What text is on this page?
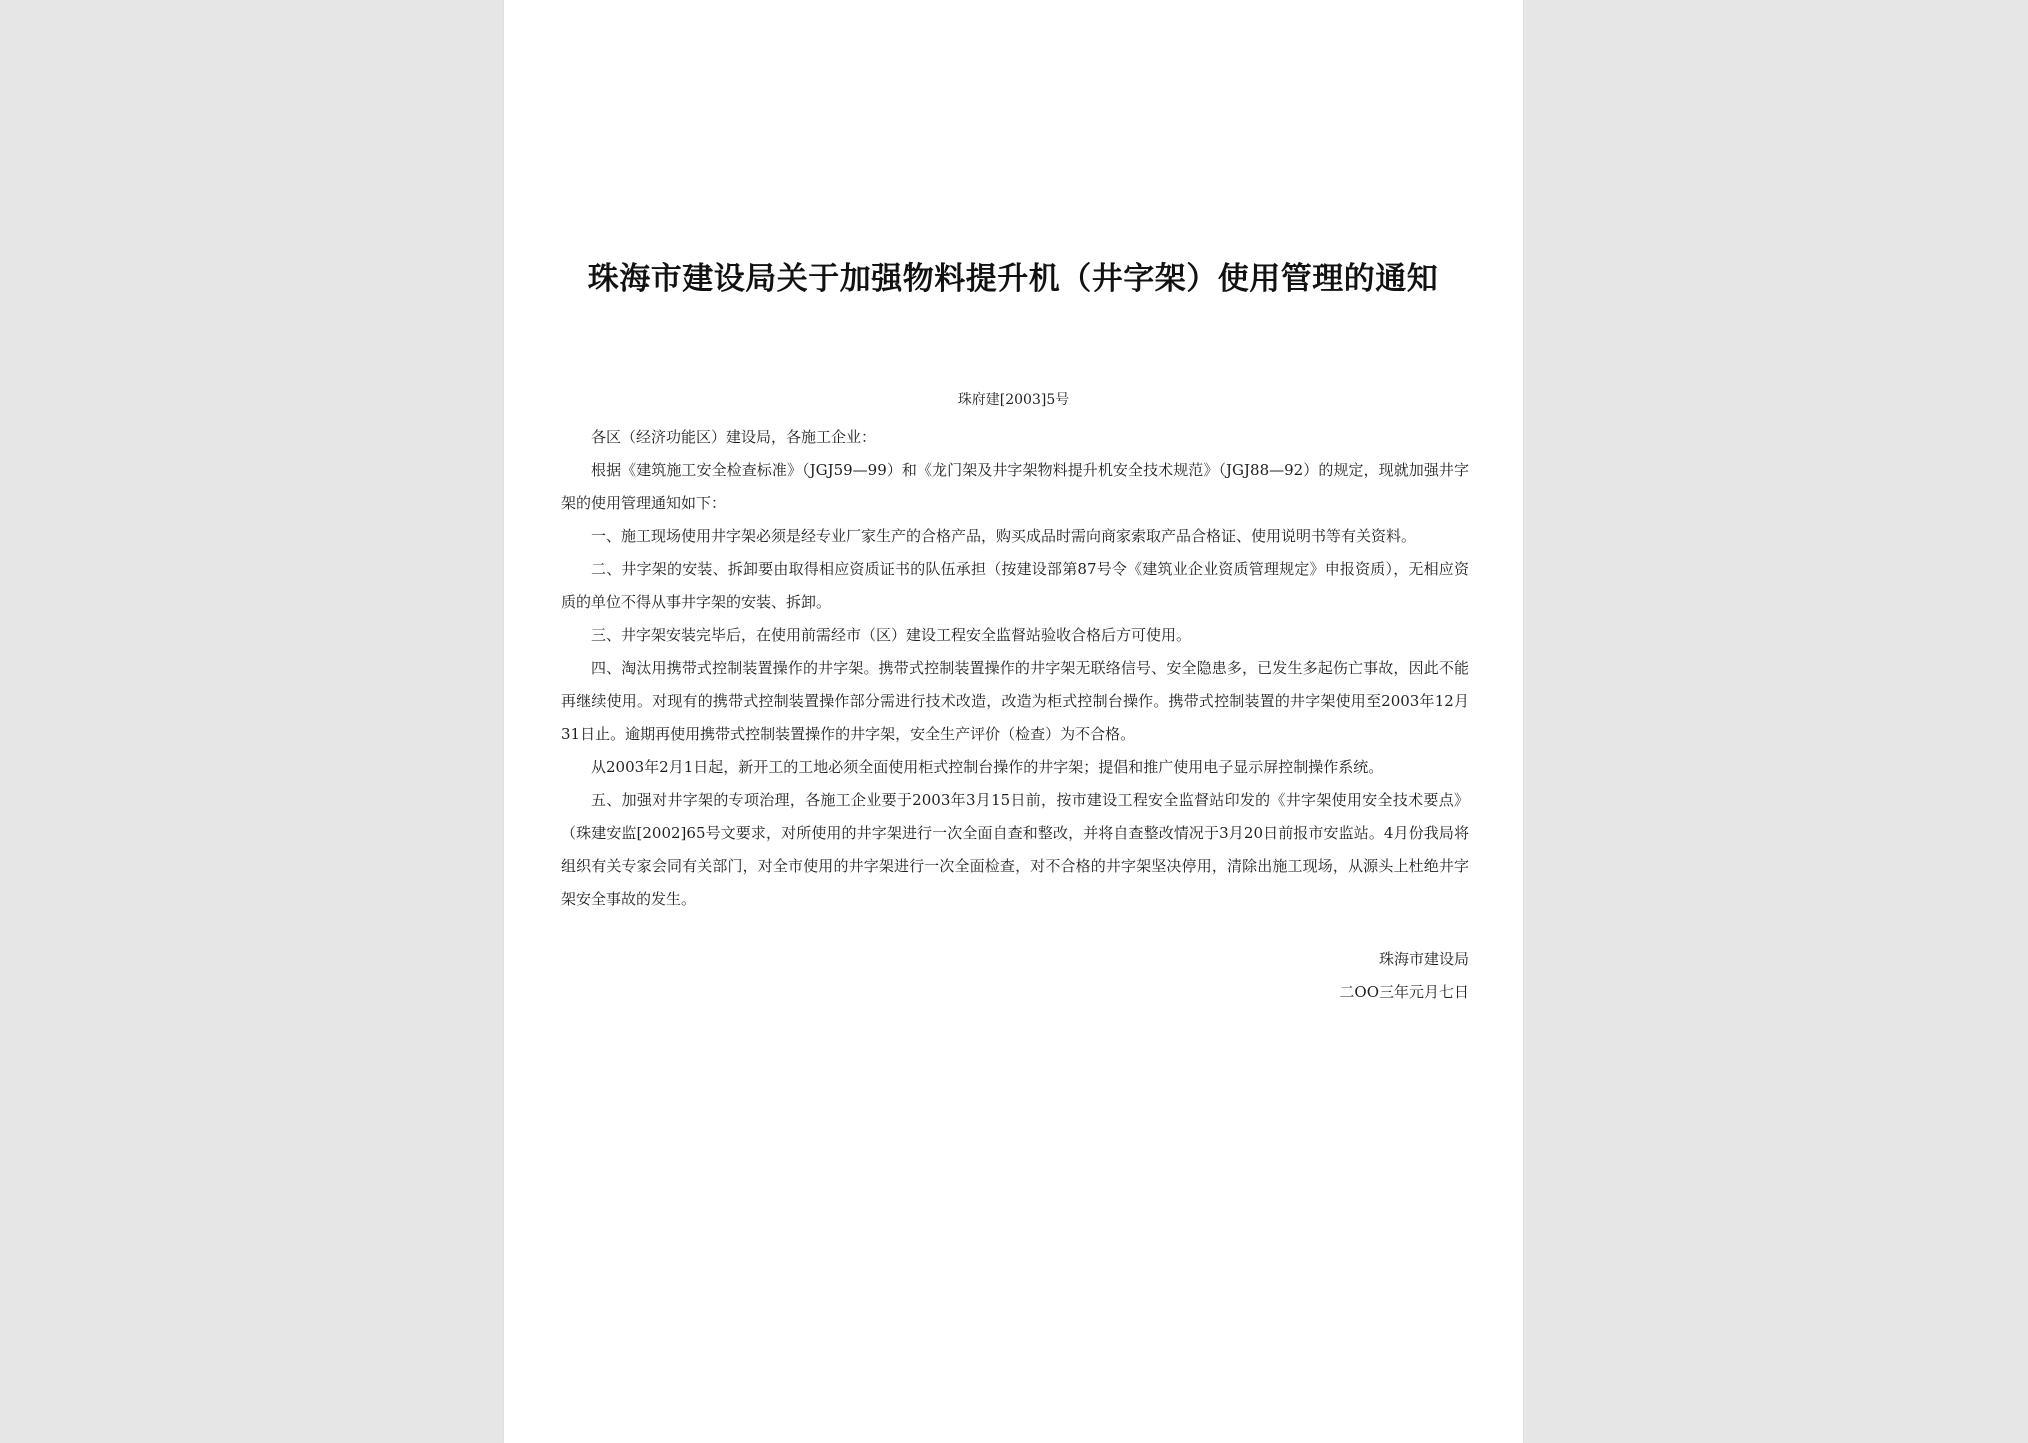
珠海市建设局关于加强物料提升机（井字架）使用管理的通知
珠府建[2003]5号

各区（经济功能区）建设局，各施工企业：

根据《建筑施工安全检查标准》（JGJ59—99）和《龙门架及井字架物料提升机安全技术规范》（JGJ88—92）的规定，现就加强井字架的使用管理通知如下：

一、施工现场使用井字架必须是经专业厂家生产的合格产品，购买成品时需向商家索取产品合格证、使用说明书等有关资料。

二、井字架的安装、拆卸要由取得相应资质证书的队伍承担（按建设部第87号令《建筑业企业资质管理规定》申报资质），无相应资质的单位不得从事井字架的安装、拆卸。

三、井字架安装完毕后，在使用前需经市（区）建设工程安全监督站验收合格后方可使用。

四、淘汰用携带式控制装置操作的井字架。携带式控制装置操作的井字架无联络信号、安全隐患多，已发生多起伤亡事故，因此不能再继续使用。对现有的携带式控制装置操作部分需进行技术改造，改造为柜式控制台操作。携带式控制装置的井字架使用至2003年12月31日止。逾期再使用携带式控制装置操作的井字架，安全生产评价（检查）为不合格。

从2003年2月1日起，新开工的工地必须全面使用柜式控制台操作的井字架；提倡和推广使用电子显示屏控制操作系统。

五、加强对井字架的专项治理，各施工企业要于2003年3月15日前，按市建设工程安全监督站印发的《井字架使用安全技术要点》（珠建安监[2002]65号文要求，对所使用的井字架进行一次全面自查和整改，并将自查整改情况于3月20日前报市安监站。4月份我局将组织有关专家会同有关部门，对全市使用的井字架进行一次全面检查，对不合格的井字架坚决停用，清除出施工现场，从源头上杜绝井字架安全事故的发生。

珠海市建设局
二OO三年元月七日
